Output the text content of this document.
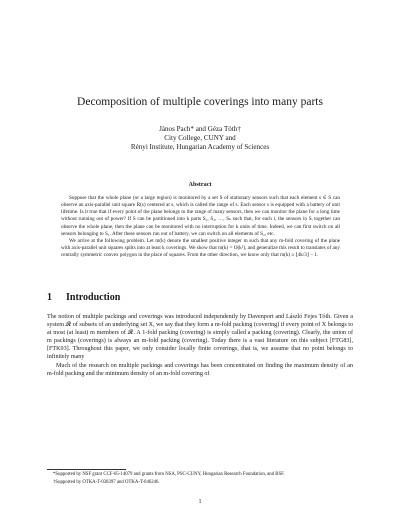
Decomposition of multiple coverings into many parts
János Pach* and Géza Tóth†
City College, CUNY and
Rényi Institute, Hungarian Academy of Sciences
Abstract

Suppose that the whole plane (or a large region) is monitored by a set S of stationary sensors such that each element s ∈ S can observe an axis-parallel unit square R(s) centered at s, which is called the range of s. Each sensor s is equipped with a battery of unit lifetime. Is it true that if every point of the plane belongs to the range of many sensors, then we can monitor the plane for a long time without running out of power? If S can be partitioned into k parts S₁, S₂, …, Sₖ such that, for each i, the sensors in Sᵢ together can observe the whole plane, then the plane can be monitored with no interruption for k units of time. Indeed, we can first switch on all sensors belonging to S₁. After these sensors run out of battery, we can switch on all elements of S₂, etc.

We arrive at the following problem. Let m(k) denote the smallest positive integer m such that any m-fold covering of the plane with axis-parallel unit squares splits into at least k coverings. We show that m(k) = O(k²), and generalize this result to translates of any centrally symmetric convex polygon in the place of squares. From the other direction, we know only that m(k) ≥ ⌊4k/3⌋ − 1.

1 Introduction

The notion of multiple packings and coverings was introduced independently by Davenport and László Fejes Tóth. Given a system 𝓡 of subsets of an underlying set X, we say that they form a m-fold packing (covering) if every point of X belongs to at most (at least) m members of 𝓡. A 1-fold packing (covering) is simply called a packing (covering). Clearly, the union of m packings (coverings) is always an m-fold packing (covering). Today there is a vast literature on this subject [FTG83], [FTK93]. Throughout this paper, we only consider locally finite coverings, that is, we assume that no point belongs to infinitely many

Much of the research on multiple packings and coverings has been concentrated on finding the maximum density of an m-fold packing and the minimum density of an m-fold covering of

*Supported by NSF grant CCF-05-14079 and grants from NSA, PSC-CUNY, Hungarian Research Foundation, and BSF.

†Supported by OTKA-T-038397 and OTKA-T-046246.

1
